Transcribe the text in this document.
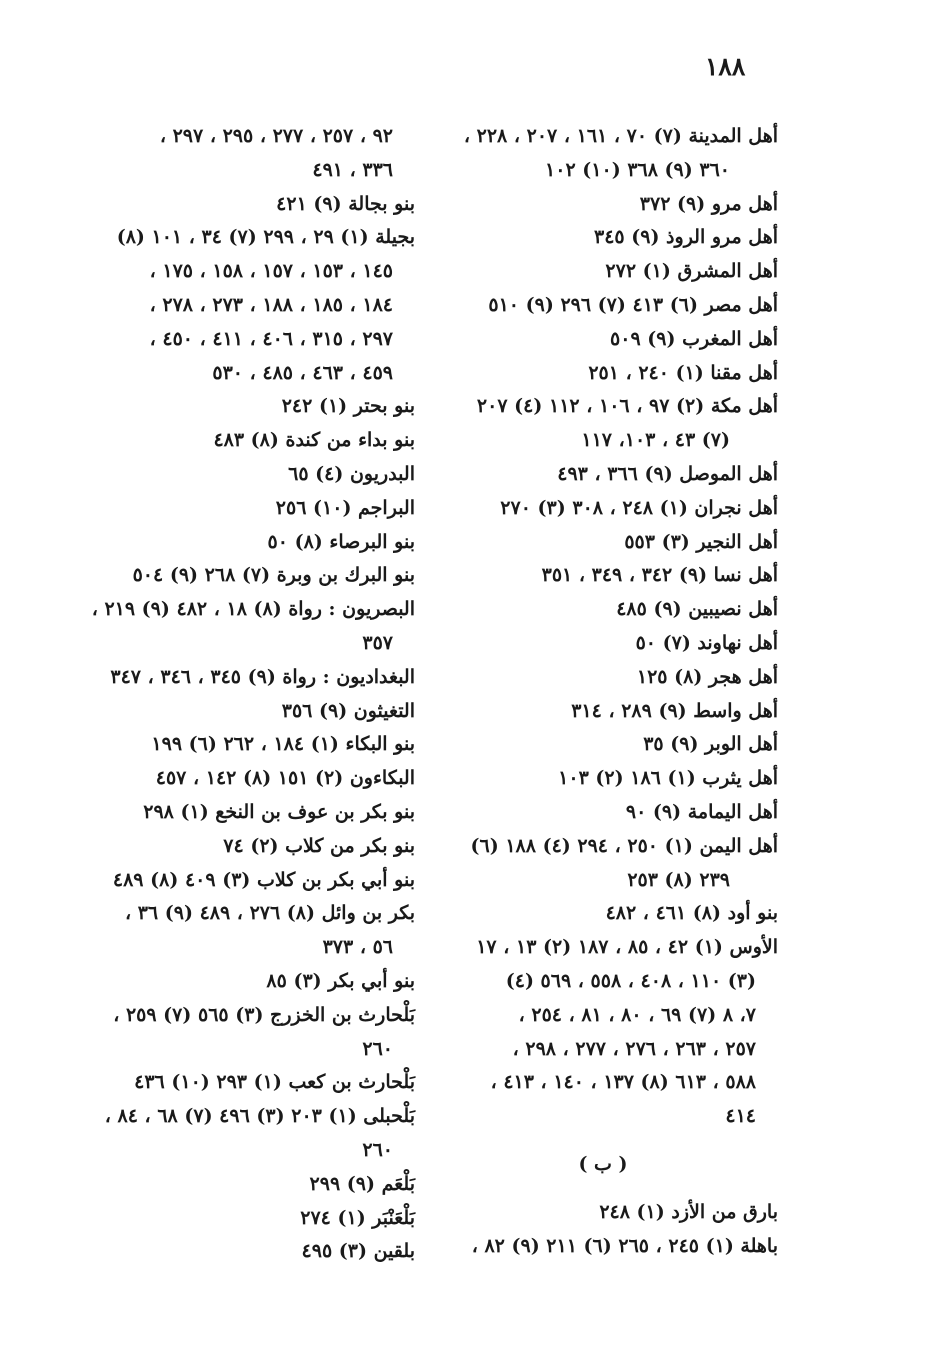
١٨٨
أهل المدينة (٧) ٧٠ ، ١٦١ ، ٢٠٧ ، ٢٢٨ ،
٣٦٠ (٩) ٣٦٨ (١٠) ١٠٢
أهل مرو (٩) ٣٧٢
أهل مرو الروذ (٩) ٣٤٥
أهل المشرق (١) ٢٧٢
أهل مصر (٦) ٤١٣ (٧) ٢٩٦ (٩) ٥١٠
أهل المغرب (٩) ٥٠٩
أهل مقنا (١) ٢٤٠ ، ٢٥١
أهل مكة (٢) ٩٧ ، ١٠٦ ، ١١٢ (٤) ٢٠٧
(٧) ٤٣ ، ١٠٣، ١١٧
أهل الموصل (٩) ٣٦٦ ، ٤٩٣
أهل نجران (١) ٢٤٨ ، ٣٠٨ (٣) ٢٧٠
أهل النجير (٣) ٥٥٣
أهل نسا (٩) ٣٤٢ ، ٣٤٩ ، ٣٥١
أهل نصيبين (٩) ٤٨٥
أهل نهاوند (٧) ٥٠
أهل هجر (٨) ١٢٥
أهل واسط (٩) ٢٨٩ ، ٣١٤
أهل الوبر (٩) ٣٥
أهل يثرب (١) ١٨٦ (٢) ١٠٣
أهل اليمامة (٩) ٩٠
أهل اليمن (١) ٢٥٠ ، ٢٩٤ (٤) ١٨٨ (٦)
٢٣٩ (٨) ٢٥٣
بنو أود (٨) ٤٦١ ، ٤٨٢
الأوس (١) ٤٢ ، ٨٥ ، ١٨٧ (٢) ١٣ ، ١٧
(٣) ١١٠ ، ٤٠٨ ، ٥٥٨ ، ٥٦٩ (٤)
٧، ٨ (٧) ٦٩ ، ٨٠ ، ٨١ ، ٢٥٤ ،
٢٥٧ ، ٢٦٣ ، ٢٧٦ ، ٢٧٧ ، ٢٩٨ ،
٥٨٨ ، ٦١٣ (٨) ١٣٧ ، ١٤٠ ، ٤١٣ ،
٤١٤
( ب )
بارق من الأزد (١) ٢٤٨
باهلة (١) ٢٤٥ ، ٢٦٥ (٦) ٢١١ (٩) ٨٢ ،
٩٢ ، ٢٥٧ ، ٢٧٧ ، ٢٩٥ ، ٢٩٧ ،
٣٣٦ ، ٤٩١
بنو بجالة (٩) ٤٢١
بجيلة (١) ٢٩ ، ٢٩٩ (٧) ٣٤ ، ١٠١ (٨)
١٤٥ ، ١٥٣ ، ١٥٧ ، ١٥٨ ، ١٧٥ ،
١٨٤ ، ١٨٥ ، ١٨٨ ، ٢٧٣ ، ٢٧٨ ،
٢٩٧ ، ٣١٥ ، ٤٠٦ ، ٤١١ ، ٤٥٠ ،
٤٥٩ ، ٤٦٣ ، ٤٨٥ ، ٥٣٠
بنو بحتر (١) ٢٤٢
بنو بداء من كندة (٨) ٤٨٣
البدريون (٤) ٦٥
البراجم (١٠) ٢٥٦
بنو البرصاء (٨) ٥٠
بنو البرك بن وبرة (٧) ٢٦٨ (٩) ٥٠٤
البصريون : رواة (٨) ١٨ ، ٤٨٢ (٩) ٢١٩ ،
٣٥٧
البغداديون : رواة (٩) ٣٤٥ ، ٣٤٦ ، ٣٤٧
التغيثون (٩) ٣٥٦
بنو البكاء (١) ١٨٤ ، ٢٦٢ (٦) ١٩٩
البكاءون (٢) ١٥١ (٨) ١٤٢ ، ٤٥٧
بنو بكر بن عوف بن النخع (١) ٢٩٨
بنو بكر من كلاب (٢) ٧٤
بنو أبي بكر بن كلاب (٣) ٤٠٩ (٨) ٤٨٩
بكر بن وائل (٨) ٢٧٦ ، ٤٨٩ (٩) ٣٦ ،
٥٦ ، ٣٧٣
بنو أبي بكر (٣) ٨٥
بَلْحارث بن الخزرج (٣) ٥٦٥ (٧) ٢٥٩ ،
٢٦٠
بَلْحارث بن كعب (١) ٢٩٣ (١٠) ٤٣٦
بَلْحبلى (١) ٢٠٣ (٣) ٤٩٦ (٧) ٦٨ ، ٨٤ ،
٢٦٠
بَلْعَم (٩) ٢٩٩
بَلْعَنْبَر (١) ٢٧٤
بلقين (٣) ٤٩٥
